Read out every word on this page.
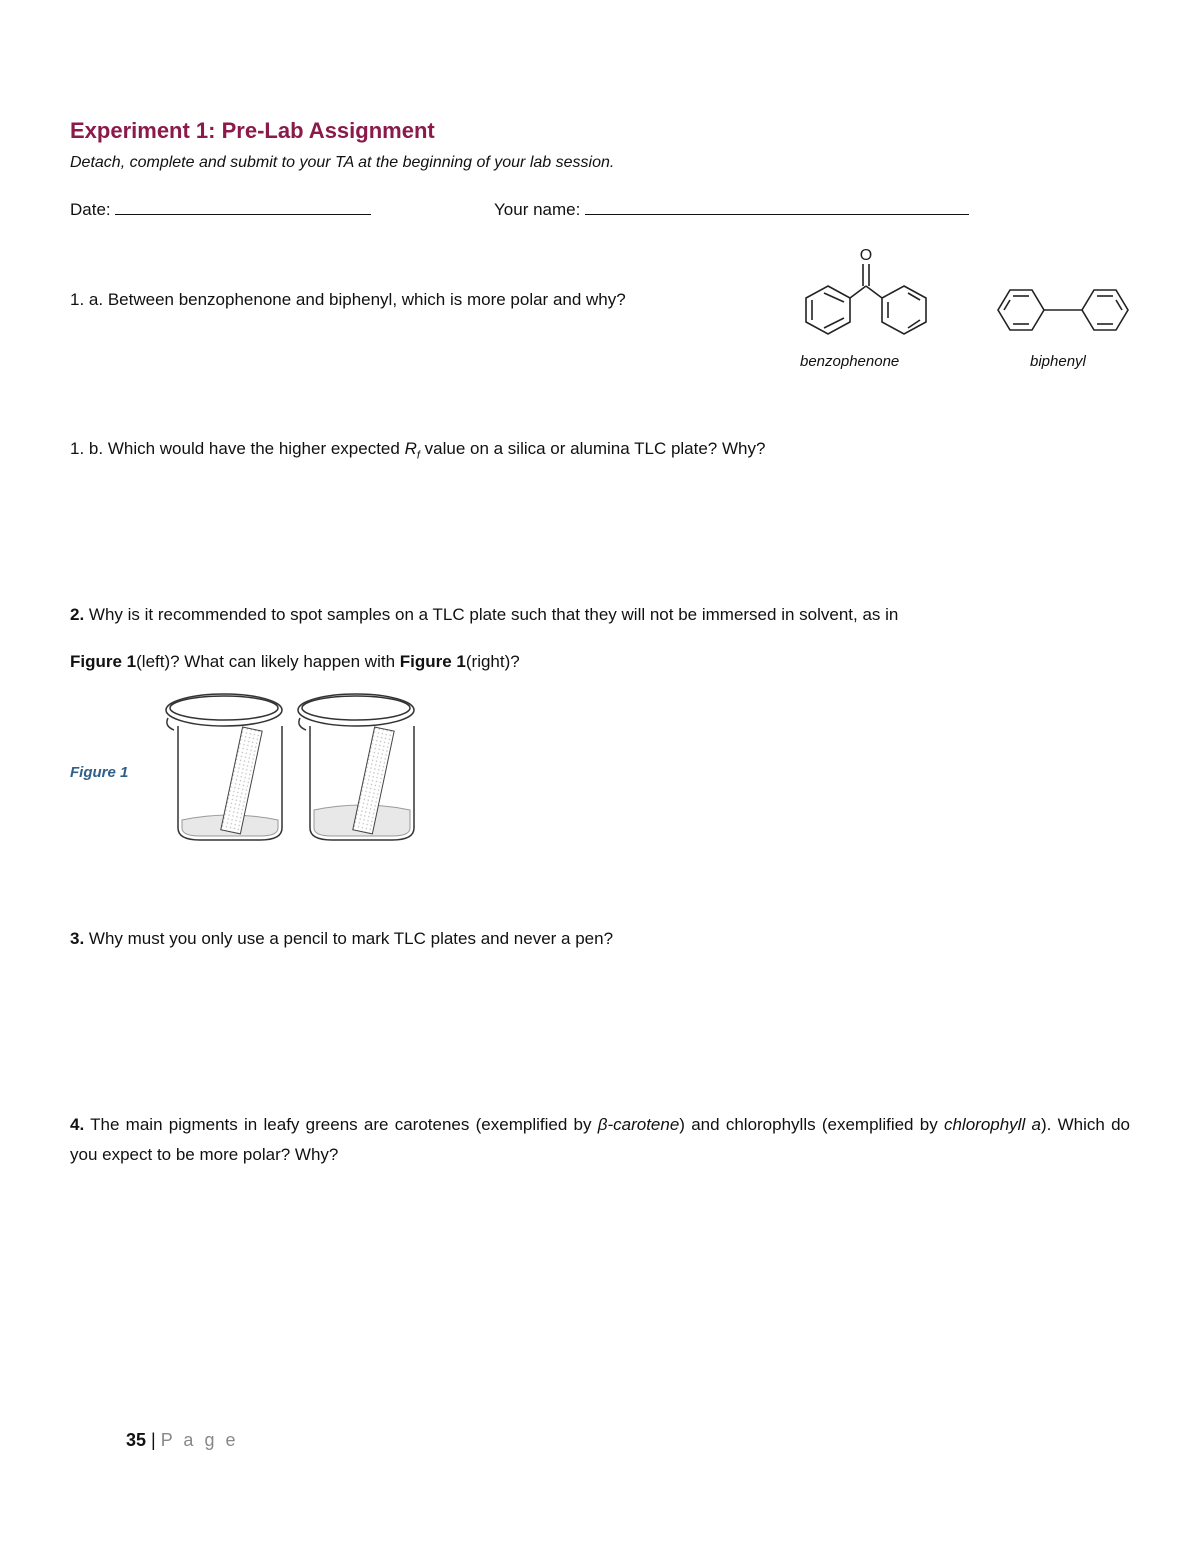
Experiment 1: Pre-Lab Assignment
Detach, complete and submit to your TA at the beginning of your lab session.
Date:	Your name:
1. a. Between benzophenone and biphenyl, which is more polar and why?
O
benzophenone	biphenyl
1. b. Which would have the higher expected $R_f$ value on a silica or alumina TLC plate? Why?
2. Why is it recommended to spot samples on a TLC plate such that they will not be immersed in solvent, as in
Figure 1(left)? What can likely happen with Figure 1(right)?
Figure 1
3. Why must you only use a pencil to mark TLC plates and never a pen?
4. The main pigments in leafy greens are carotenes (exemplified by β-carotene) and chlorophylls (exemplified by chlorophyll a). Which do you expect to be more polar? Why?
35 | P a g e
